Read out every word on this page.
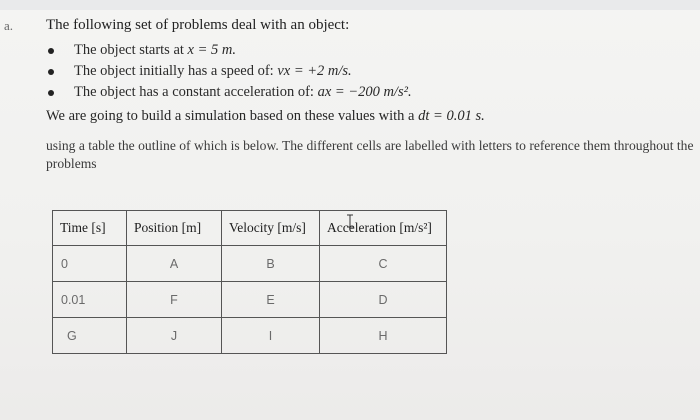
a. The following set of problems deal with an object:
The object starts at x = 5 m.
The object initially has a speed of: vx = +2 m/s.
The object has a constant acceleration of: ax = −200 m/s².
We are going to build a simulation based on these values with a dt = 0.01 s.
using a table the outline of which is below. The different cells are labelled with letters to reference them throughout the problems
Time [s]	Position [m]	Velocity [m/s]	Acceleration [m/s²]
0	A	B	C
0.01	F	E	D
G	J	I	H
